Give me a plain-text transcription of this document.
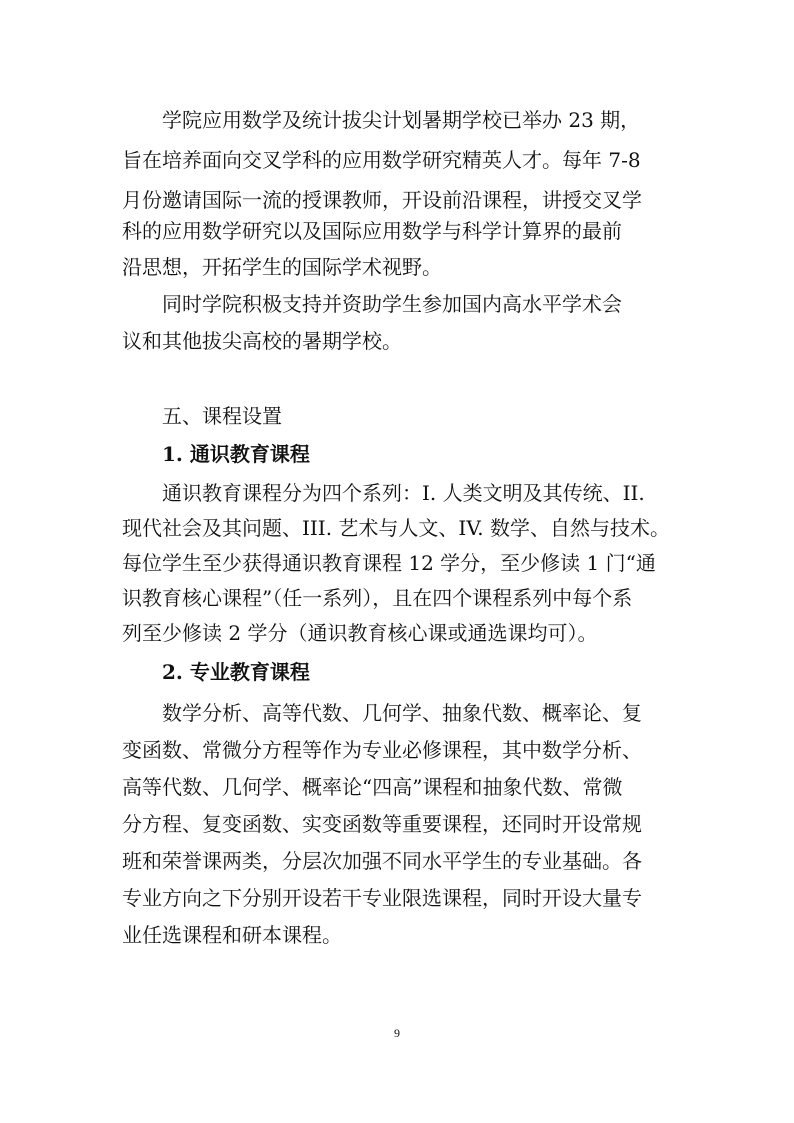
学院应用数学及统计拔尖计划暑期学校已举办 23 期，
旨在培养面向交叉学科的应用数学研究精英人才。每年 7-8
月份邀请国际一流的授课教师，开设前沿课程，讲授交叉学
科的应用数学研究以及国际应用数学与科学计算界的最前
沿思想，开拓学生的国际学术视野。
同时学院积极支持并资助学生参加国内高水平学术会
议和其他拔尖高校的暑期学校。
五、课程设置
1. 通识教育课程
通识教育课程分为四个系列：I. 人类文明及其传统、II.
现代社会及其问题、III. 艺术与人文、IV. 数学、自然与技术。
每位学生至少获得通识教育课程 12 学分，至少修读 1 门“通
识教育核心课程”（任一系列），且在四个课程系列中每个系
列至少修读 2 学分（通识教育核心课或通选课均可）。
2. 专业教育课程
数学分析、高等代数、几何学、抽象代数、概率论、复
变函数、常微分方程等作为专业必修课程，其中数学分析、
高等代数、几何学、概率论“四高”课程和抽象代数、常微
分方程、复变函数、实变函数等重要课程，还同时开设常规
班和荣誉课两类，分层次加强不同水平学生的专业基础。各
专业方向之下分别开设若干专业限选课程，同时开设大量专
业任选课程和研本课程。
9
